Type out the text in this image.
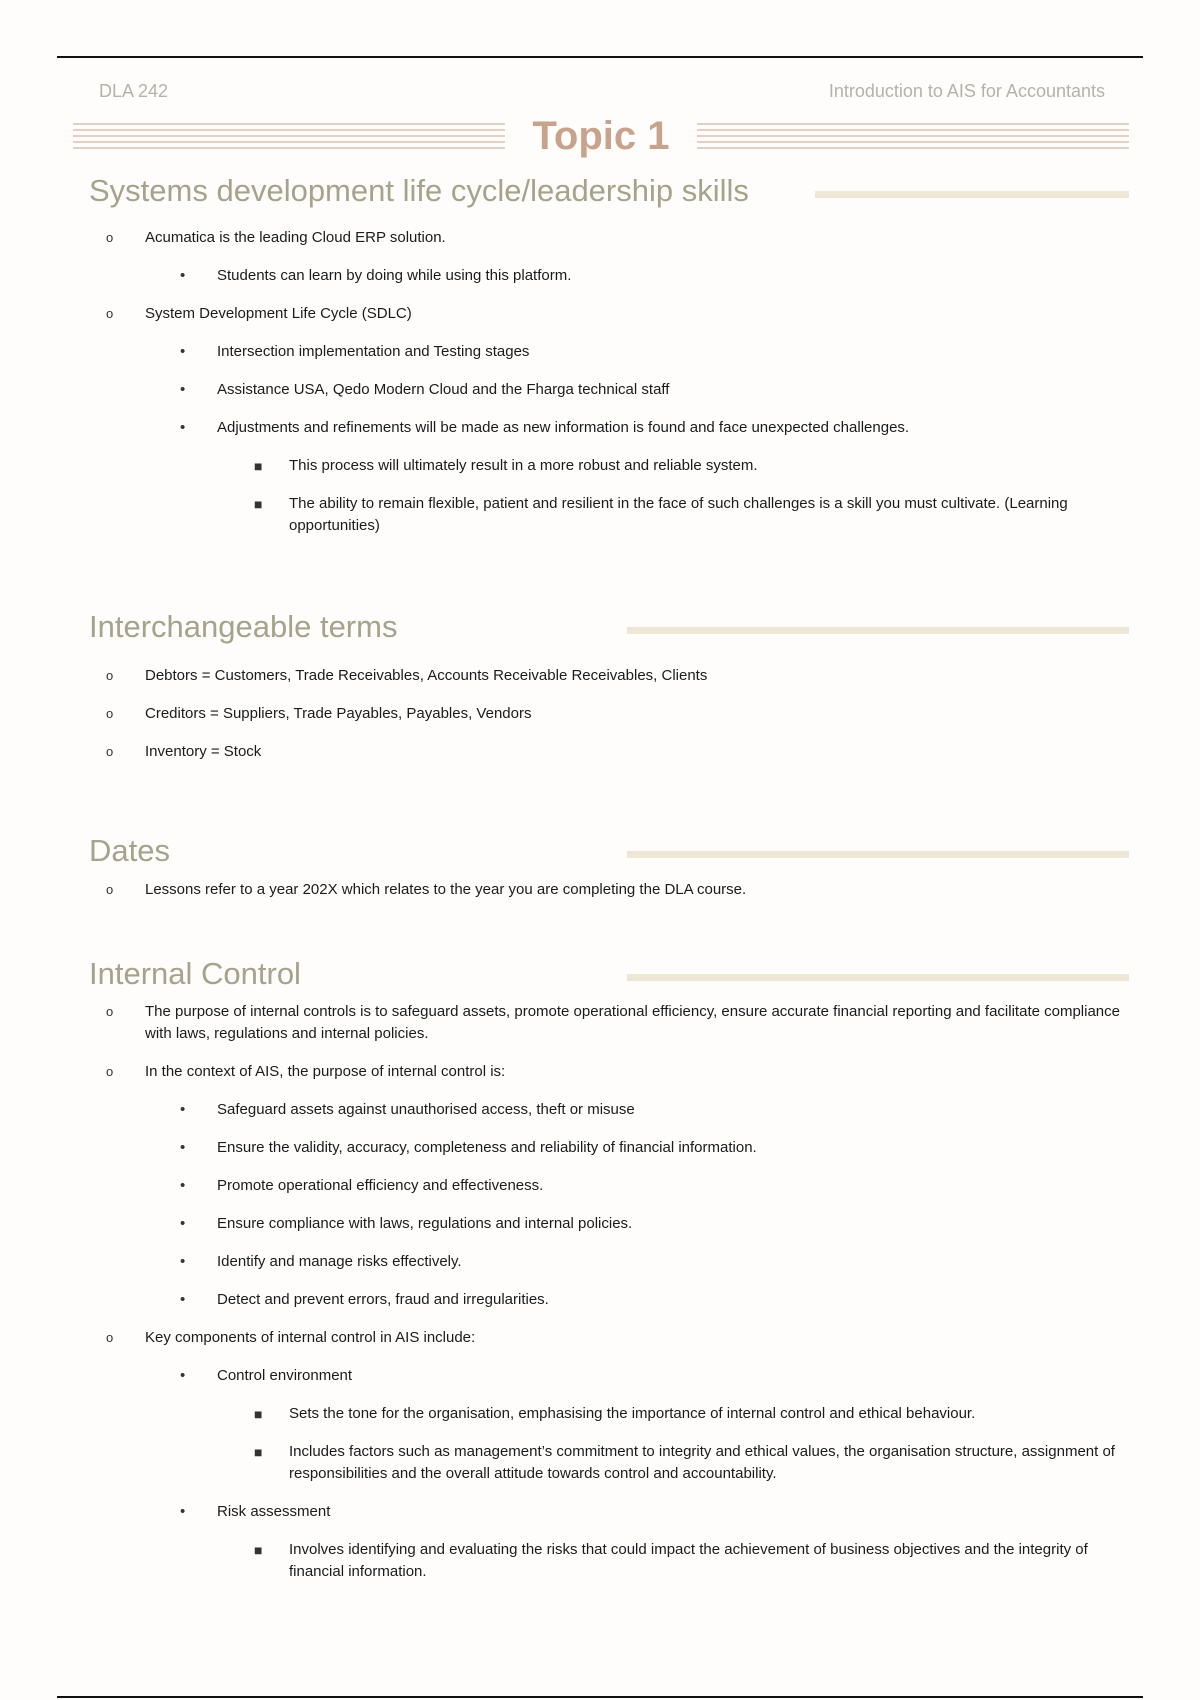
DLA 242	Introduction to AIS for Accountants
Topic 1
Systems development life cycle/leadership skills
o Acumatica is the leading Cloud ERP solution.
• Students can learn by doing while using this platform.
o System Development Life Cycle (SDLC)
• Intersection implementation and Testing stages
• Assistance USA, Qedo Modern Cloud and the Fharga technical staff
• Adjustments and refinements will be made as new information is found and face unexpected challenges.
■ This process will ultimately result in a more robust and reliable system.
■ The ability to remain flexible, patient and resilient in the face of such challenges is a skill you must cultivate. (Learning opportunities)
Interchangeable terms
o Debtors = Customers, Trade Receivables, Accounts Receivable Receivables, Clients
o Creditors = Suppliers, Trade Payables, Payables, Vendors
o Inventory = Stock
Dates
o Lessons refer to a year 202X which relates to the year you are completing the DLA course.
Internal Control
o The purpose of internal controls is to safeguard assets, promote operational efficiency, ensure accurate financial reporting and facilitate compliance with laws, regulations and internal policies.
o In the context of AIS, the purpose of internal control is:
• Safeguard assets against unauthorised access, theft or misuse
• Ensure the validity, accuracy, completeness and reliability of financial information.
• Promote operational efficiency and effectiveness.
• Ensure compliance with laws, regulations and internal policies.
• Identify and manage risks effectively.
• Detect and prevent errors, fraud and irregularities.
o Key components of internal control in AIS include:
• Control environment
■ Sets the tone for the organisation, emphasising the importance of internal control and ethical behaviour.
■ Includes factors such as management’s commitment to integrity and ethical values, the organisation structure, assignment of responsibilities and the overall attitude towards control and accountability.
• Risk assessment
■ Involves identifying and evaluating the risks that could impact the achievement of business objectives and the integrity of financial information.
